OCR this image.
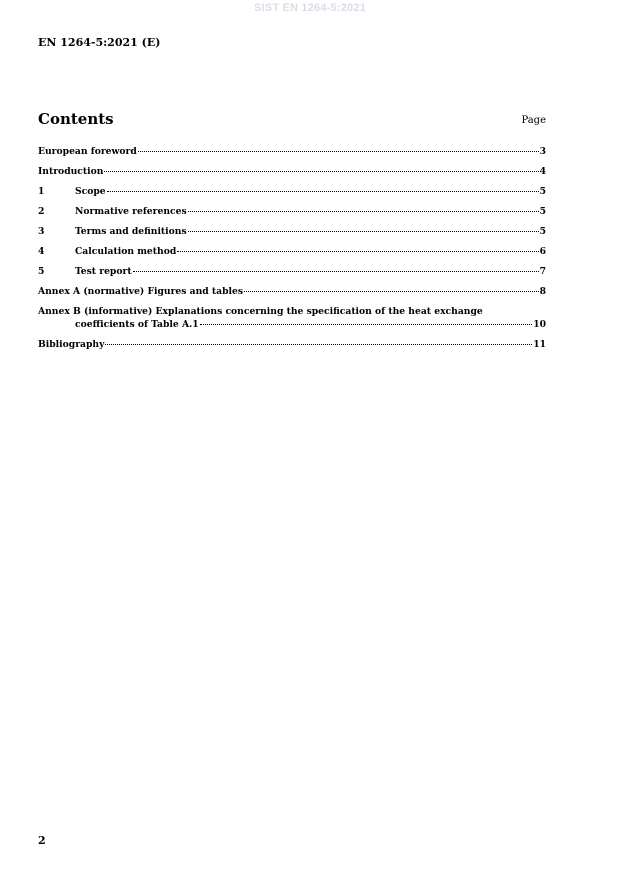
SIST EN 1264-5:2021
EN 1264-5:2021 (E)
Contents	Page
European foreword	3
Introduction	4
1	Scope	5
2	Normative references	5
3	Terms and definitions	5
4	Calculation method	6
5	Test report	7
Annex A (normative) Figures and tables	8
Annex B (informative) Explanations concerning the specification of the heat exchange
coefficients of Table A.1	10
Bibliography	11
2
